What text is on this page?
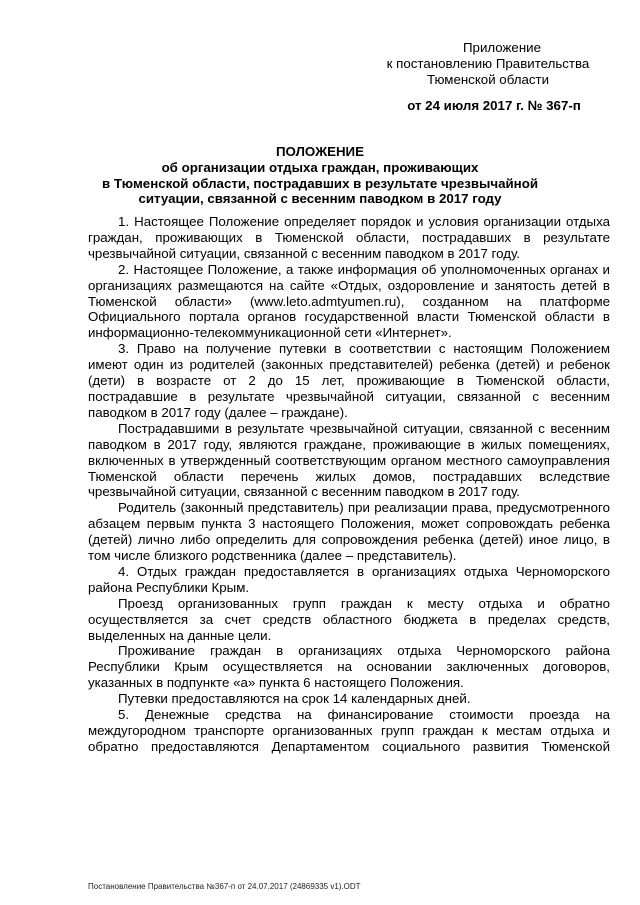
Приложение
к постановлению Правительства
Тюменской области
от 24 июля 2017 г. № 367-п
ПОЛОЖЕНИЕ
об организации отдыха граждан, проживающих
в Тюменской области, пострадавших в результате чрезвычайной
ситуации, связанной с весенним паводком в 2017 году

1. Настоящее Положение определяет порядок и условия организации отдыха граждан, проживающих в Тюменской области, пострадавших в результате чрезвычайной ситуации, связанной с весенним паводком в 2017 году.

2. Настоящее Положение, а также информация об уполномоченных органах и организациях размещаются на сайте «Отдых, оздоровление и занятость детей в Тюменской области» (www.leto.admtyumen.ru), созданном на платформе Официального портала органов государственной власти Тюменской области в информационно-телекоммуникационной сети «Интернет».

3. Право на получение путевки в соответствии с настоящим Положением имеют один из родителей (законных представителей) ребенка (детей) и ребенок (дети) в возрасте от 2 до 15 лет, проживающие в Тюменской области, пострадавшие в результате чрезвычайной ситуации, связанной с весенним паводком в 2017 году (далее – граждане).

Пострадавшими в результате чрезвычайной ситуации, связанной с весенним паводком в 2017 году, являются граждане, проживающие в жилых помещениях, включенных в утвержденный соответствующим органом местного самоуправления Тюменской области перечень жилых домов, пострадавших вследствие чрезвычайной ситуации, связанной с весенним паводком в 2017 году.

Родитель (законный представитель) при реализации права, предусмотренного абзацем первым пункта 3 настоящего Положения, может сопровождать ребенка (детей) лично либо определить для сопровождения ребенка (детей) иное лицо, в том числе близкого родственника (далее – представитель).

4. Отдых граждан предоставляется в организациях отдыха Черноморского района Республики Крым.

Проезд организованных групп граждан к месту отдыха и обратно осуществляется за счет средств областного бюджета в пределах средств, выделенных на данные цели.

Проживание граждан в организациях отдыха Черноморского района Республики Крым осуществляется на основании заключенных договоров, указанных в подпункте «а» пункта 6 настоящего Положения.

Путевки предоставляются на срок 14 календарных дней.

5. Денежные средства на финансирование стоимости проезда на междугородном транспорте организованных групп граждан к местам отдыха и обратно предоставляются Департаментом социального развития Тюменской

Постановление Правительства №367-п от 24.07.2017 (24869335 v1).ODT
